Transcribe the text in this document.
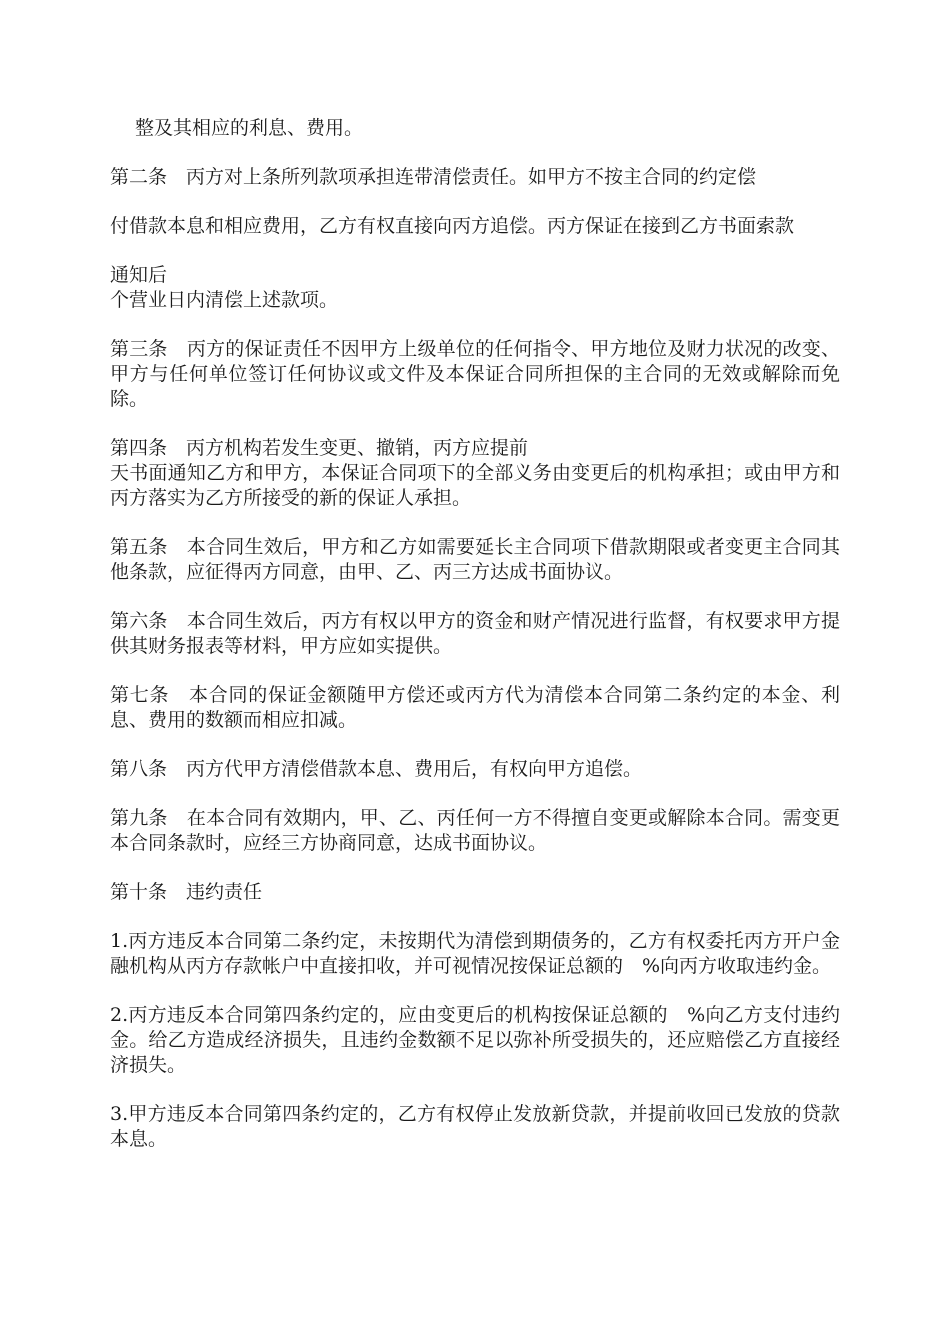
整及其相应的利息、费用。

第二条　丙方对上条所列款项承担连带清偿责任。如甲方不按主合同的约定偿

付借款本息和相应费用，乙方有权直接向丙方追偿。丙方保证在接到乙方书面索款

通知后

个营业日内清偿上述款项。

第三条　丙方的保证责任不因甲方上级单位的任何指令、甲方地位及财力状况的改变、甲方与任何单位签订任何协议或文件及本保证合同所担保的主合同的无效或解除而免除。

第四条　丙方机构若发生变更、撤销，丙方应提前

天书面通知乙方和甲方，本保证合同项下的全部义务由变更后的机构承担；或由甲方和丙方落实为乙方所接受的新的保证人承担。

第五条　本合同生效后，甲方和乙方如需要延长主合同项下借款期限或者变更主合同其他条款，应征得丙方同意，由甲、乙、丙三方达成书面协议。

第六条　本合同生效后，丙方有权以甲方的资金和财产情况进行监督，有权要求甲方提供其财务报表等材料，甲方应如实提供。

第七条　本合同的保证金额随甲方偿还或丙方代为清偿本合同第二条约定的本金、利息、费用的数额而相应扣减。

第八条　丙方代甲方清偿借款本息、费用后，有权向甲方追偿。

第九条　在本合同有效期内，甲、乙、丙任何一方不得擅自变更或解除本合同。需变更本合同条款时，应经三方协商同意，达成书面协议。

第十条　违约责任

1.丙方违反本合同第二条约定，未按期代为清偿到期债务的，乙方有权委托丙方开户金融机构从丙方存款帐户中直接扣收，并可视情况按保证总额的　%向丙方收取违约金。

2.丙方违反本合同第四条约定的，应由变更后的机构按保证总额的　%向乙方支付违约金。给乙方造成经济损失，且违约金数额不足以弥补所受损失的，还应赔偿乙方直接经济损失。

3.甲方违反本合同第四条约定的，乙方有权停止发放新贷款，并提前收回已发放的贷款本息。
